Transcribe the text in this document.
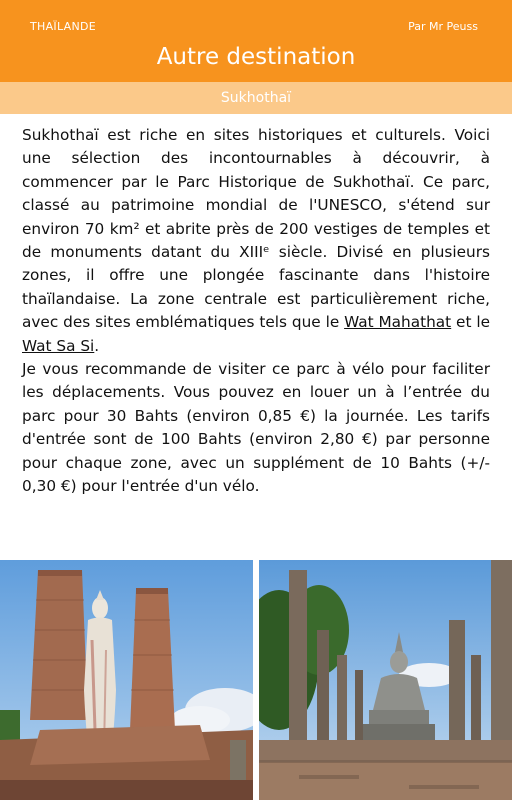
THAÏLANDE	Par Mr Peuss
Autre destination
Sukhothaï

Sukhothaï est riche en sites historiques et culturels. Voici une sélection des incontournables à découvrir, à commencer par le Parc Historique de Sukhothaï. Ce parc, classé au patrimoine mondial de l'UNESCO, s'étend sur environ 70 km² et abrite près de 200 vestiges de temples et de monuments datant du XIIIᵉ siècle. Divisé en plusieurs zones, il offre une plongée fascinante dans l'histoire thaïlandaise. La zone centrale est particulièrement riche, avec des sites emblématiques tels que le Wat Mahathat et le Wat Sa Si.

Je vous recommande de visiter ce parc à vélo pour faciliter les déplacements. Vous pouvez en louer un à l’entrée du parc pour 30 Bahts (environ 0,85 €) la journée. Les tarifs d'entrée sont de 100 Bahts (environ 2,80 €) par personne pour chaque zone, avec un supplément de 10 Bahts (+/- 0,30 €) pour l'entrée d'un vélo.
